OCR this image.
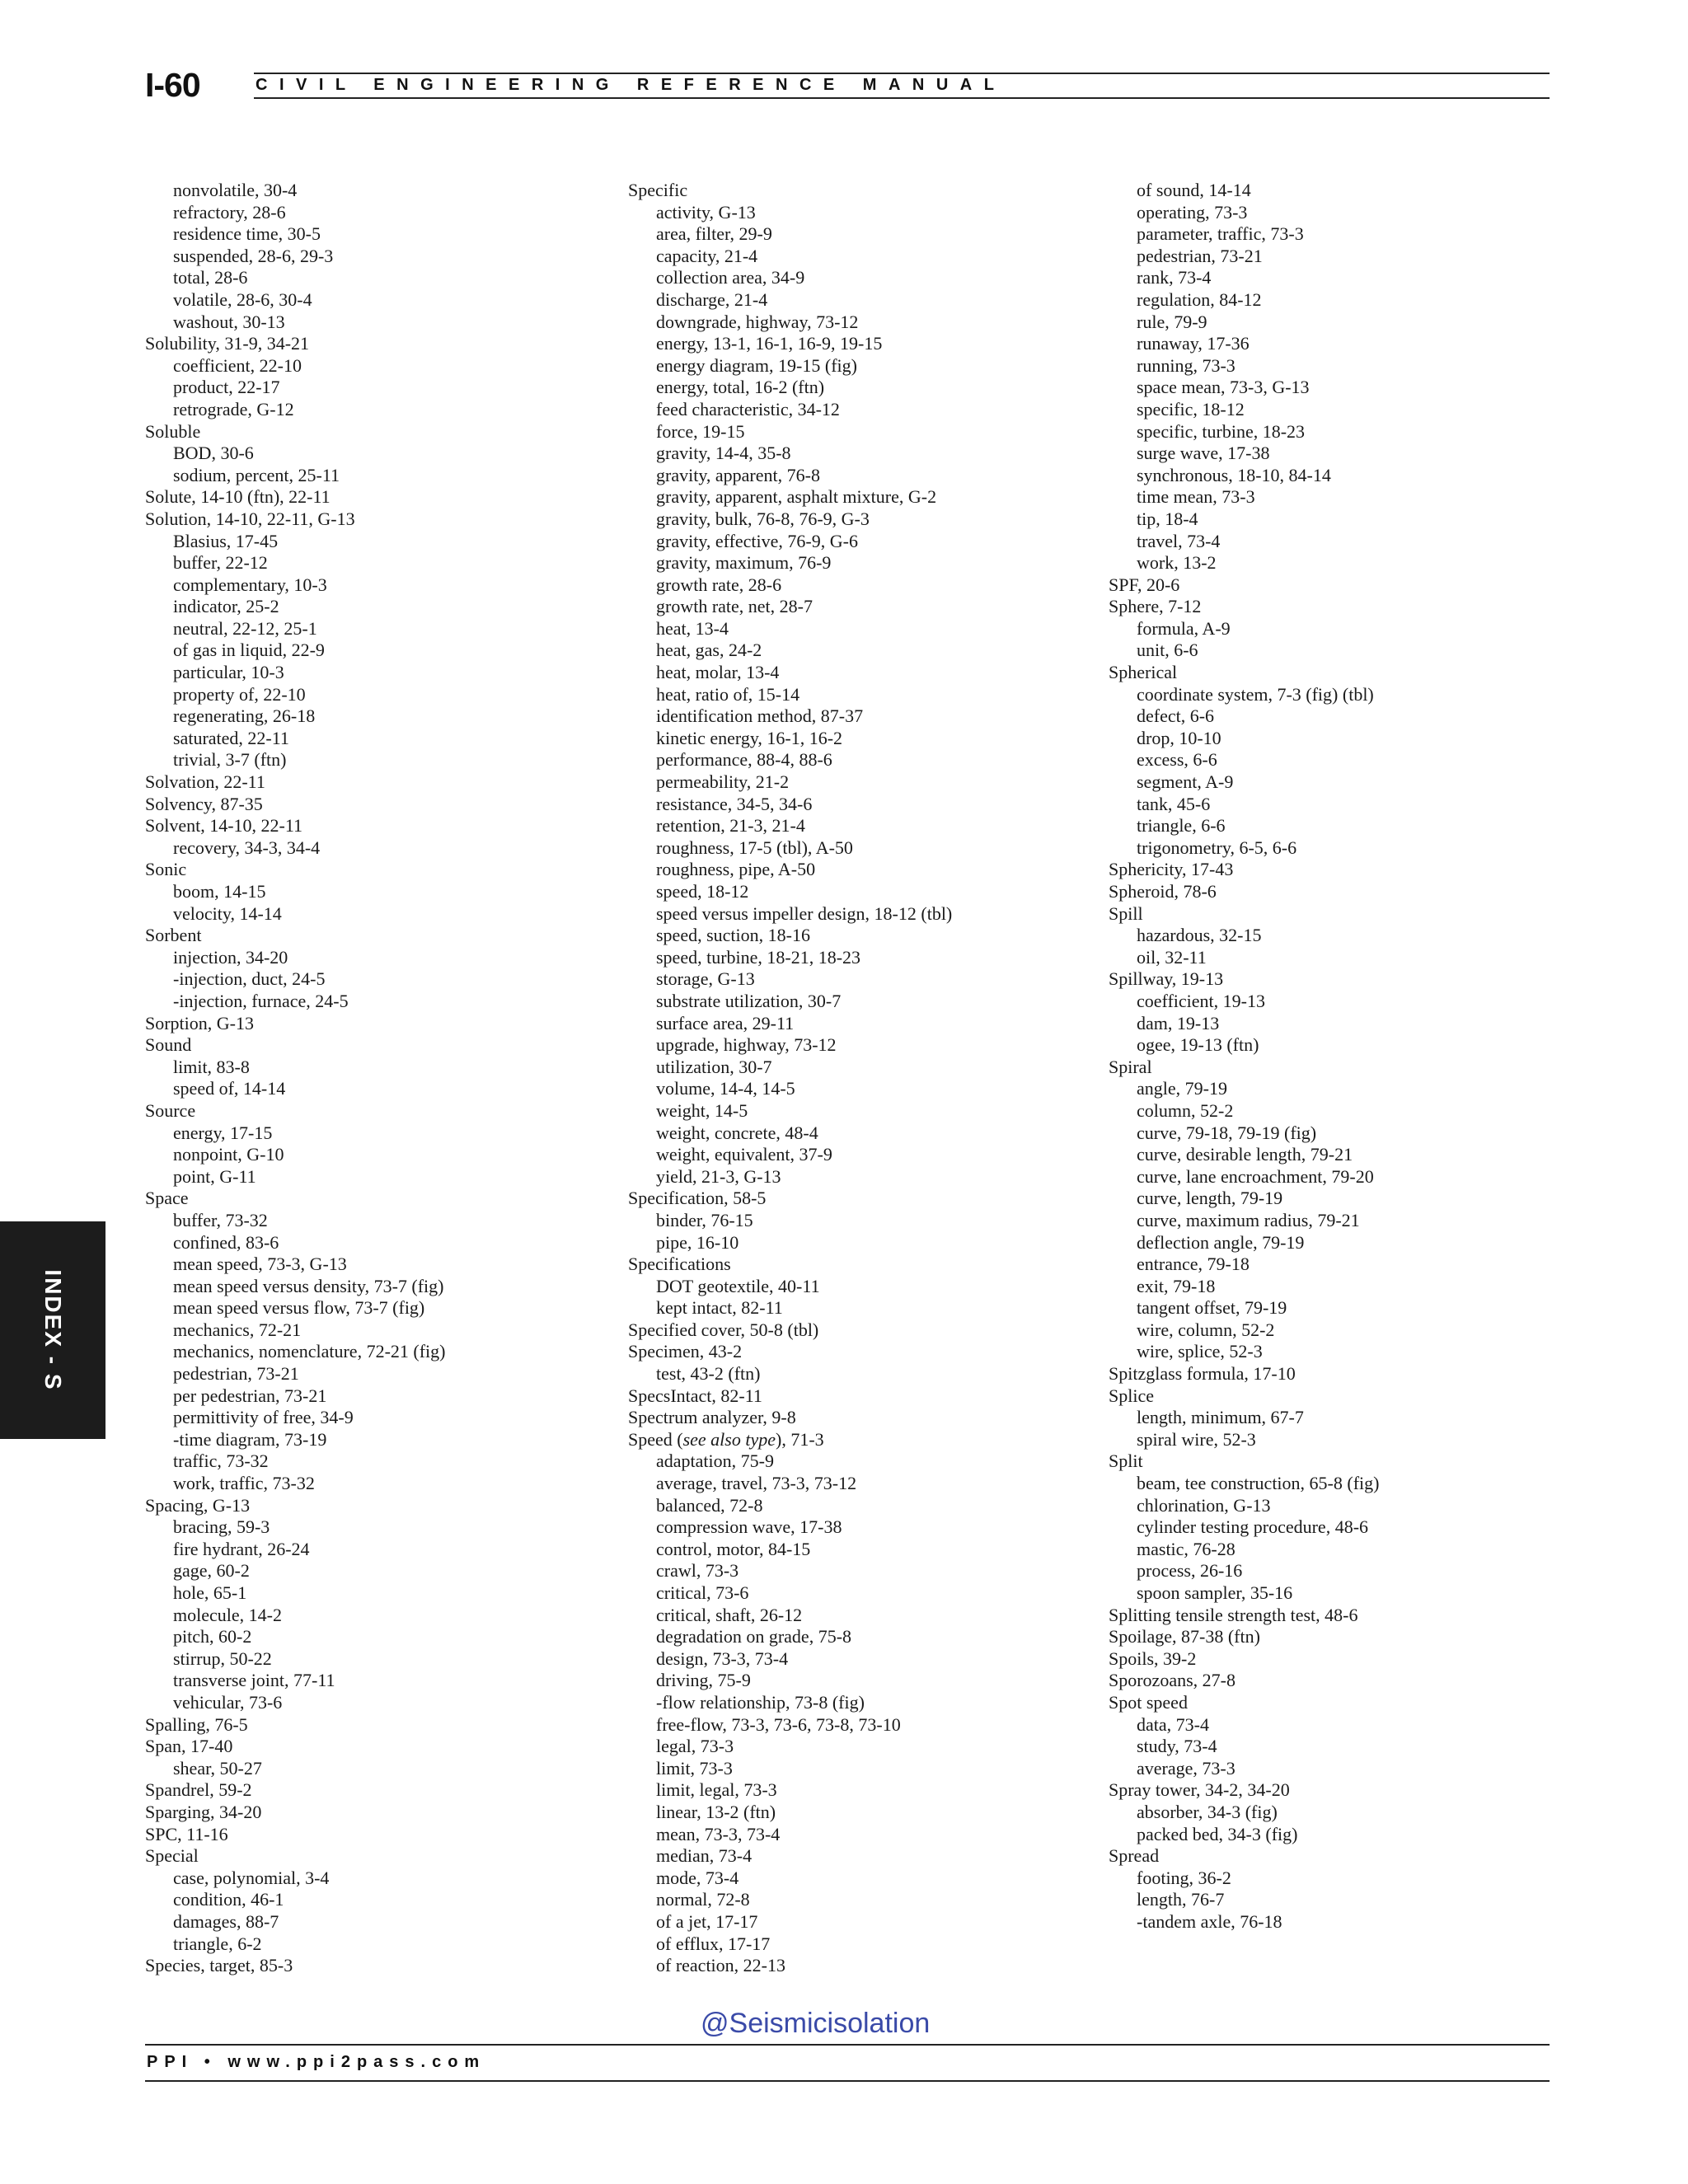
I-60	CIVIL ENGINEERING REFERENCE MANUAL
nonvolatile, 30-4
refractory, 28-6
residence time, 30-5
suspended, 28-6, 29-3
total, 28-6
volatile, 28-6, 30-4
washout, 30-13
Solubility, 31-9, 34-21
coefficient, 22-10
product, 22-17
retrograde, G-12
Soluble
BOD, 30-6
sodium, percent, 25-11
Solute, 14-10 (ftn), 22-11
Solution, 14-10, 22-11, G-13
Blasius, 17-45
buffer, 22-12
complementary, 10-3
indicator, 25-2
neutral, 22-12, 25-1
of gas in liquid, 22-9
particular, 10-3
property of, 22-10
regenerating, 26-18
saturated, 22-11
trivial, 3-7 (ftn)
Solvation, 22-11
Solvency, 87-35
Solvent, 14-10, 22-11
recovery, 34-3, 34-4
Sonic
boom, 14-15
velocity, 14-14
Sorbent
injection, 34-20
-injection, duct, 24-5
-injection, furnace, 24-5
Sorption, G-13
Sound
limit, 83-8
speed of, 14-14
Source
energy, 17-15
nonpoint, G-10
point, G-11
Space
buffer, 73-32
confined, 83-6
mean speed, 73-3, G-13
mean speed versus density, 73-7 (fig)
mean speed versus flow, 73-7 (fig)
mechanics, 72-21
mechanics, nomenclature, 72-21 (fig)
pedestrian, 73-21
per pedestrian, 73-21
permittivity of free, 34-9
-time diagram, 73-19
traffic, 73-32
work, traffic, 73-32
Spacing, G-13
bracing, 59-3
fire hydrant, 26-24
gage, 60-2
hole, 65-1
molecule, 14-2
pitch, 60-2
stirrup, 50-22
transverse joint, 77-11
vehicular, 73-6
Spalling, 76-5
Span, 17-40
shear, 50-27
Spandrel, 59-2
Sparging, 34-20
SPC, 11-16
Special
case, polynomial, 3-4
condition, 46-1
damages, 88-7
triangle, 6-2
Species, target, 85-3
Specific
activity, G-13
area, filter, 29-9
capacity, 21-4
collection area, 34-9
discharge, 21-4
downgrade, highway, 73-12
energy, 13-1, 16-1, 16-9, 19-15
energy diagram, 19-15 (fig)
energy, total, 16-2 (ftn)
feed characteristic, 34-12
force, 19-15
gravity, 14-4, 35-8
gravity, apparent, 76-8
gravity, apparent, asphalt mixture, G-2
gravity, bulk, 76-8, 76-9, G-3
gravity, effective, 76-9, G-6
gravity, maximum, 76-9
growth rate, 28-6
growth rate, net, 28-7
heat, 13-4
heat, gas, 24-2
heat, molar, 13-4
heat, ratio of, 15-14
identification method, 87-37
kinetic energy, 16-1, 16-2
performance, 88-4, 88-6
permeability, 21-2
resistance, 34-5, 34-6
retention, 21-3, 21-4
roughness, 17-5 (tbl), A-50
roughness, pipe, A-50
speed, 18-12
speed versus impeller design, 18-12 (tbl)
speed, suction, 18-16
speed, turbine, 18-21, 18-23
storage, G-13
substrate utilization, 30-7
surface area, 29-11
upgrade, highway, 73-12
utilization, 30-7
volume, 14-4, 14-5
weight, 14-5
weight, concrete, 48-4
weight, equivalent, 37-9
yield, 21-3, G-13
Specification, 58-5
binder, 76-15
pipe, 16-10
Specifications
DOT geotextile, 40-11
kept intact, 82-11
Specified cover, 50-8 (tbl)
Specimen, 43-2
test, 43-2 (ftn)
SpecsIntact, 82-11
Spectrum analyzer, 9-8
Speed (see also type), 71-3
adaptation, 75-9
average, travel, 73-3, 73-12
balanced, 72-8
compression wave, 17-38
control, motor, 84-15
crawl, 73-3
critical, 73-6
critical, shaft, 26-12
degradation on grade, 75-8
design, 73-3, 73-4
driving, 75-9
-flow relationship, 73-8 (fig)
free-flow, 73-3, 73-6, 73-8, 73-10
legal, 73-3
limit, 73-3
limit, legal, 73-3
linear, 13-2 (ftn)
mean, 73-3, 73-4
median, 73-4
mode, 73-4
normal, 72-8
of a jet, 17-17
of efflux, 17-17
of reaction, 22-13
of sound, 14-14
operating, 73-3
parameter, traffic, 73-3
pedestrian, 73-21
rank, 73-4
regulation, 84-12
rule, 79-9
runaway, 17-36
running, 73-3
space mean, 73-3, G-13
specific, 18-12
specific, turbine, 18-23
surge wave, 17-38
synchronous, 18-10, 84-14
time mean, 73-3
tip, 18-4
travel, 73-4
work, 13-2
SPF, 20-6
Sphere, 7-12
formula, A-9
unit, 6-6
Spherical
coordinate system, 7-3 (fig) (tbl)
defect, 6-6
drop, 10-10
excess, 6-6
segment, A-9
tank, 45-6
triangle, 6-6
trigonometry, 6-5, 6-6
Sphericity, 17-43
Spheroid, 78-6
Spill
hazardous, 32-15
oil, 32-11
Spillway, 19-13
coefficient, 19-13
dam, 19-13
ogee, 19-13 (ftn)
Spiral
angle, 79-19
column, 52-2
curve, 79-18, 79-19 (fig)
curve, desirable length, 79-21
curve, lane encroachment, 79-20
curve, length, 79-19
curve, maximum radius, 79-21
deflection angle, 79-19
entrance, 79-18
exit, 79-18
tangent offset, 79-19
wire, column, 52-2
wire, splice, 52-3
Spitzglass formula, 17-10
Splice
length, minimum, 67-7
spiral wire, 52-3
Split
beam, tee construction, 65-8 (fig)
chlorination, G-13
cylinder testing procedure, 48-6
mastic, 76-28
process, 26-16
spoon sampler, 35-16
Splitting tensile strength test, 48-6
Spoilage, 87-38 (ftn)
Spoils, 39-2
Sporozoans, 27-8
Spot speed
data, 73-4
study, 73-4
average, 73-3
Spray tower, 34-2, 34-20
absorber, 34-3 (fig)
packed bed, 34-3 (fig)
Spread
footing, 36-2
length, 76-7
-tandem axle, 76-18
INDEX - S
@Seismicisolation
PPI • www.ppi2pass.com
